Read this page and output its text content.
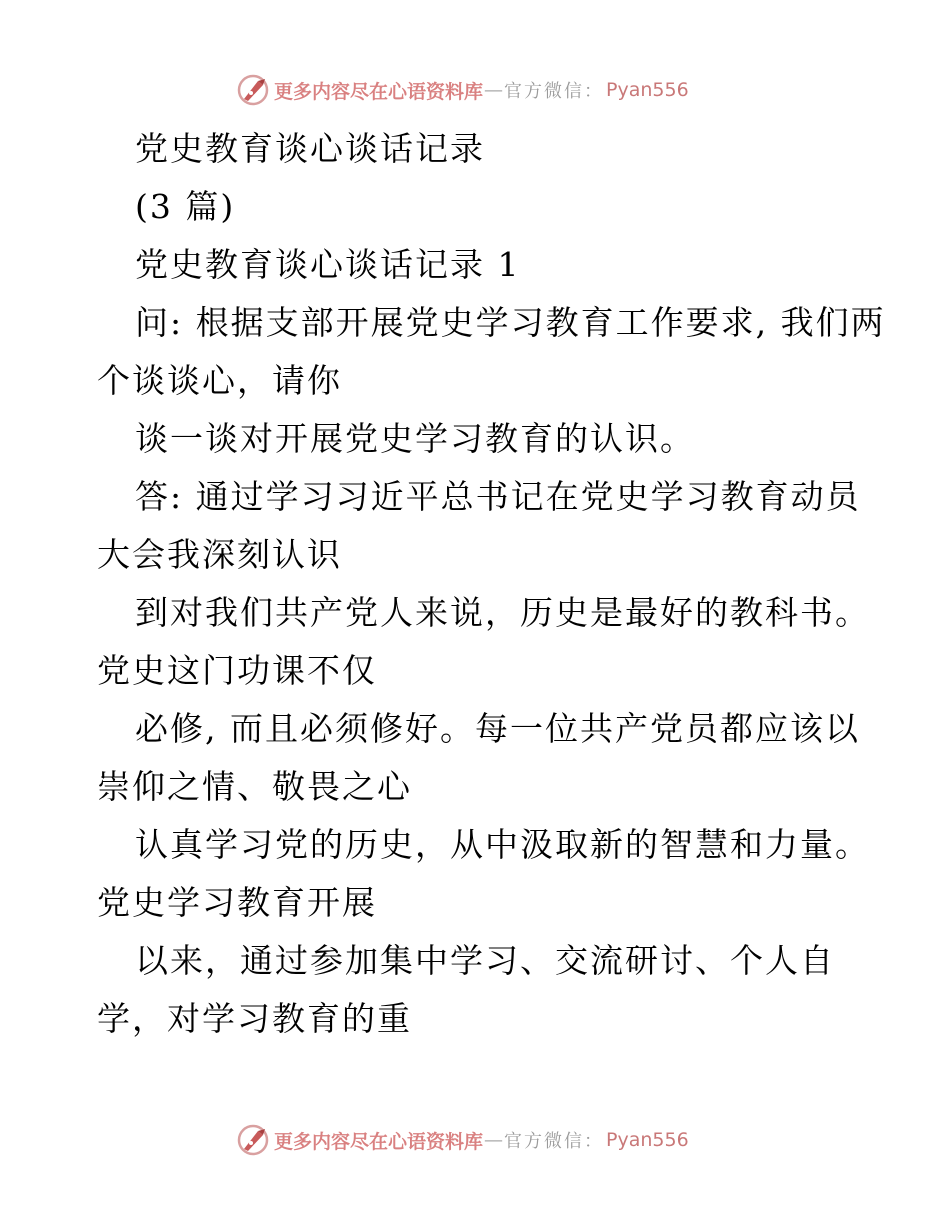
更多内容尽在心语资料库 — 官方微信： Pyan556
党史教育谈心谈话记录
(3 篇)
党史教育谈心谈话记录 1
问: 根据支部开展党史学习教育工作要求, 我们两
个谈谈心，请你
谈一谈对开展党史学习教育的认识。
答: 通过学习习近平总书记在党史学习教育动员
大会我深刻认识
到对我们共产党人来说，历史是最好的教科书。
党史这门功课不仅
必修, 而且必须修好。每一位共产党员都应该以
崇仰之情、敬畏之心
认真学习党的历史，从中汲取新的智慧和力量。
党史学习教育开展
以来，通过参加集中学习、交流研讨、个人自
学，对学习教育的重
更多内容尽在心语资料库 — 官方微信： Pyan556
